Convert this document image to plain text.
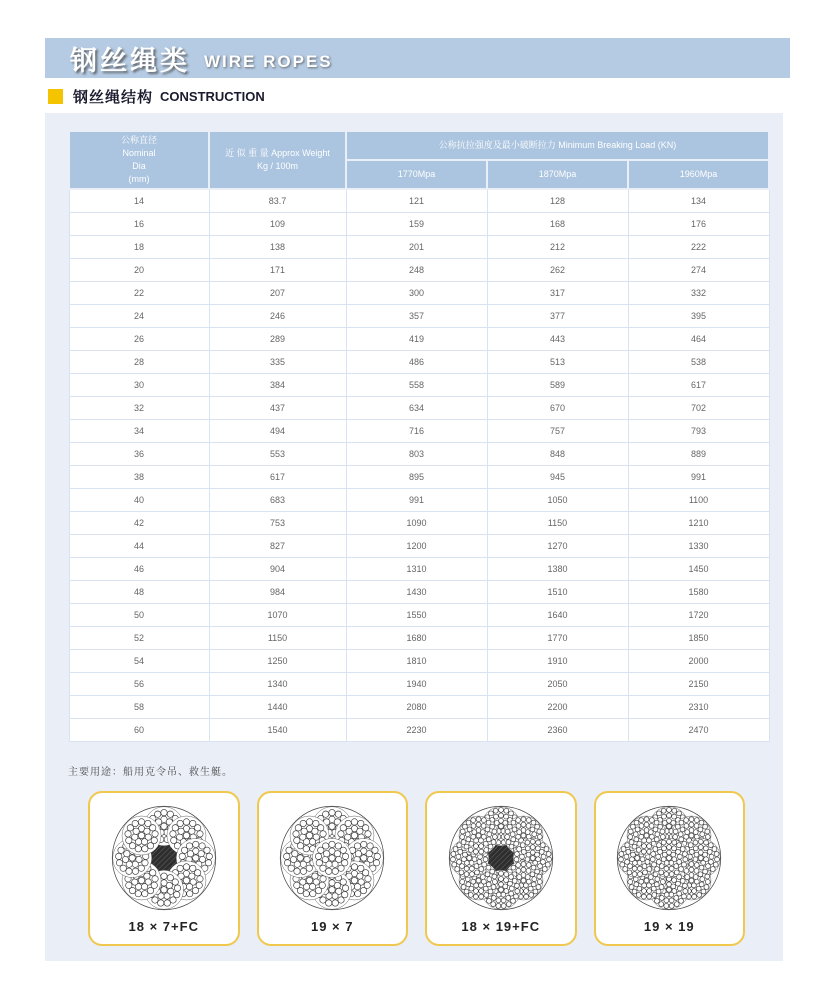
钢丝绳类 WIRE ROPES
钢丝绳结构 CONSTRUCTION
公称直径
Nominal
Dia
(mm)	近 似 重 量 Approx Weight
Kg / 100m	公称抗拉强度及最小破断拉力 Minimum Breaking Load (KN)		
		1770Mpa	1870Mpa	1960Mpa
14	83.7	121	128	134
16	109	159	168	176
18	138	201	212	222
20	171	248	262	274
22	207	300	317	332
24	246	357	377	395
26	289	419	443	464
28	335	486	513	538
30	384	558	589	617
32	437	634	670	702
34	494	716	757	793
36	553	803	848	889
38	617	895	945	991
40	683	991	1050	1100
42	753	1090	1150	1210
44	827	1200	1270	1330
46	904	1310	1380	1450
48	984	1430	1510	1580
50	1070	1550	1640	1720
52	1150	1680	1770	1850
54	1250	1810	1910	2000
56	1340	1940	2050	2150
58	1440	2080	2200	2310
60	1540	2230	2360	2470
主要用途：船用克令吊、救生艇。
18 × 7+FC	19 × 7	18 × 19+FC	19 × 19
